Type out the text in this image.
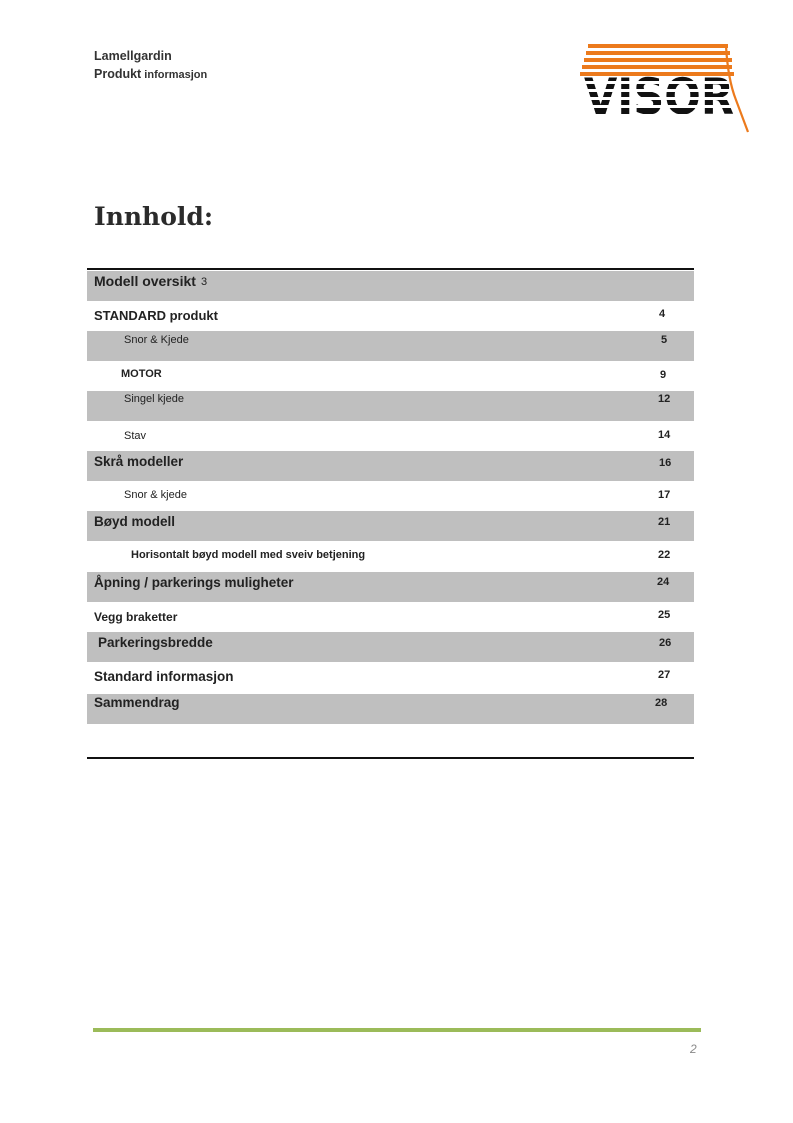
Lamellgardin
Produkt informasjon
Innhold:
Modell oversikt 3
STANDARD produkt	4
Snor & Kjede	5
MOTOR	9
Singel kjede	12
Stav	14
Skrå modeller	16
Snor & kjede	17
Bøyd modell	21
Horisontalt bøyd modell med sveiv betjening	22
Åpning / parkerings muligheter	24
Vegg braketter	25
Parkeringsbredde	26
Standard informasjon	27
Sammendrag	28
2
